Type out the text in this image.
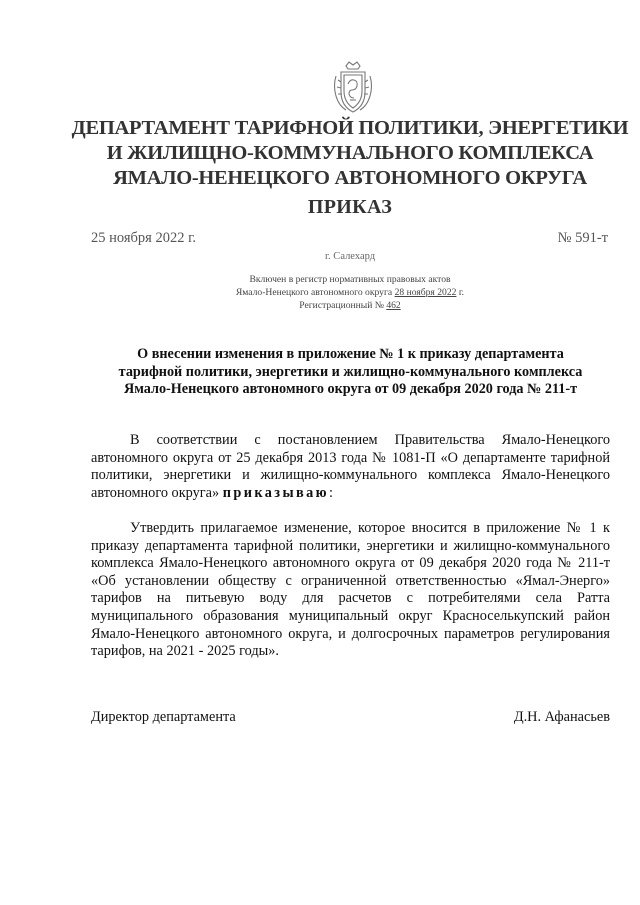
ДЕПАРТАМЕНТ ТАРИФНОЙ ПОЛИТИКИ, ЭНЕРГЕТИКИ
И ЖИЛИЩНО-КОММУНАЛЬНОГО КОМПЛЕКСА
ЯМАЛО-НЕНЕЦКОГО АВТОНОМНОГО ОКРУГА
ПРИКАЗ
25 ноября 2022 г.	№ 591-т
г. Салехард
Включен в регистр нормативных правовых актов
Ямало-Ненецкого автономного округа 28 ноября 2022 г.
Регистрационный № 462
О внесении изменения в приложение № 1 к приказу департамента
тарифной политики, энергетики и жилищно-коммунального комплекса
Ямало-Ненецкого автономного округа от 09 декабря 2020 года № 211-т
В соответствии с постановлением Правительства Ямало-Ненецкого автономного округа от 25 декабря 2013 года № 1081-П «О департаменте тарифной политики, энергетики и жилищно-коммунального комплекса Ямало-Ненецкого автономного округа» приказываю:
Утвердить прилагаемое изменение, которое вносится в приложение № 1 к приказу департамента тарифной политики, энергетики и жилищно-коммунального комплекса Ямало-Ненецкого автономного округа от 09 декабря 2020 года № 211-т «Об установлении обществу с ограниченной ответственностью «Ямал-Энерго» тарифов на питьевую воду для расчетов с потребителями села Ратта муниципального образования муниципальный округ Красноселькупский район Ямало-Ненецкого автономного округа, и долгосрочных параметров регулирования тарифов, на 2021 - 2025 годы».
Директор департамента	Д.Н. Афанасьев
